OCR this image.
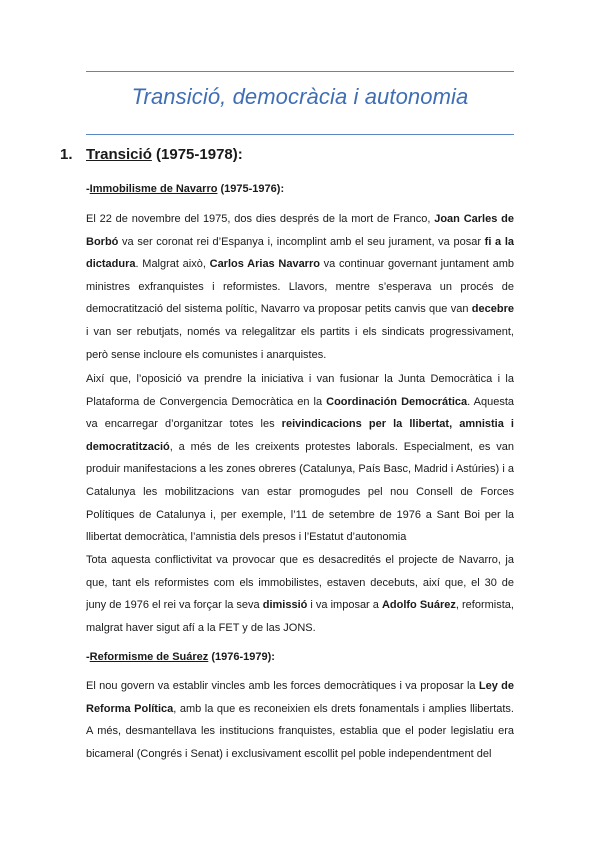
Transició, democràcia i autonomia
1. Transició (1975-1978):
-Immobilisme de Navarro (1975-1976):
El 22 de novembre del 1975, dos dies després de la mort de Franco, Joan Carles de
Borbó va ser coronat rei d’Espanya i, incomplint amb el seu jurament, va posar fi a la
dictadura. Malgrat això, Carlos Arias Navarro va continuar governant juntament amb
ministres exfranquistes i reformistes. Llavors, mentre s’esperava un procés de
democratització del sistema polític, Navarro va proposar petits canvis que van decebre
i van ser rebutjats, només va relegalitzar els partits i els sindicats progressivament,
però sense incloure els comunistes i anarquistes.
Així que, l’oposició va prendre la iniciativa i van fusionar la Junta Democràtica i la
Plataforma de Convergencia Democràtica en la Coordinación Democrática. Aquesta
va encarregar d’organitzar totes les reivindicacions per la llibertat, amnistia i
democratització, a més de les creixents protestes laborals. Especialment, es van
produir manifestacions a les zones obreres (Catalunya, País Basc, Madrid i Astúries) i a
Catalunya les mobilitzacions van estar promogudes pel nou Consell de Forces
Polítiques de Catalunya i, per exemple, l’11 de setembre de 1976 a Sant Boi per la
llibertat democràtica, l’amnistia dels presos i l’Estatut d’autonomia
Tota aquesta conflictivitat va provocar que es desacredités el projecte de Navarro, ja
que, tant els reformistes com els immobilistes, estaven decebuts, així que, el 30 de
juny de 1976 el rei va forçar la seva dimissió i va imposar a Adolfo Suárez, reformista,
malgrat haver sigut afí a la FET y de las JONS.
-Reformisme de Suárez (1976-1979):
El nou govern va establir vincles amb les forces democràtiques i va proposar la Ley de
Reforma Política, amb la que es reconeixien els drets fonamentals i amplies llibertats.
A més, desmantellava les institucions franquistes, establia que el poder legislatiu era
bicameral (Congrés i Senat) i exclusivament escollit pel poble independentment del
